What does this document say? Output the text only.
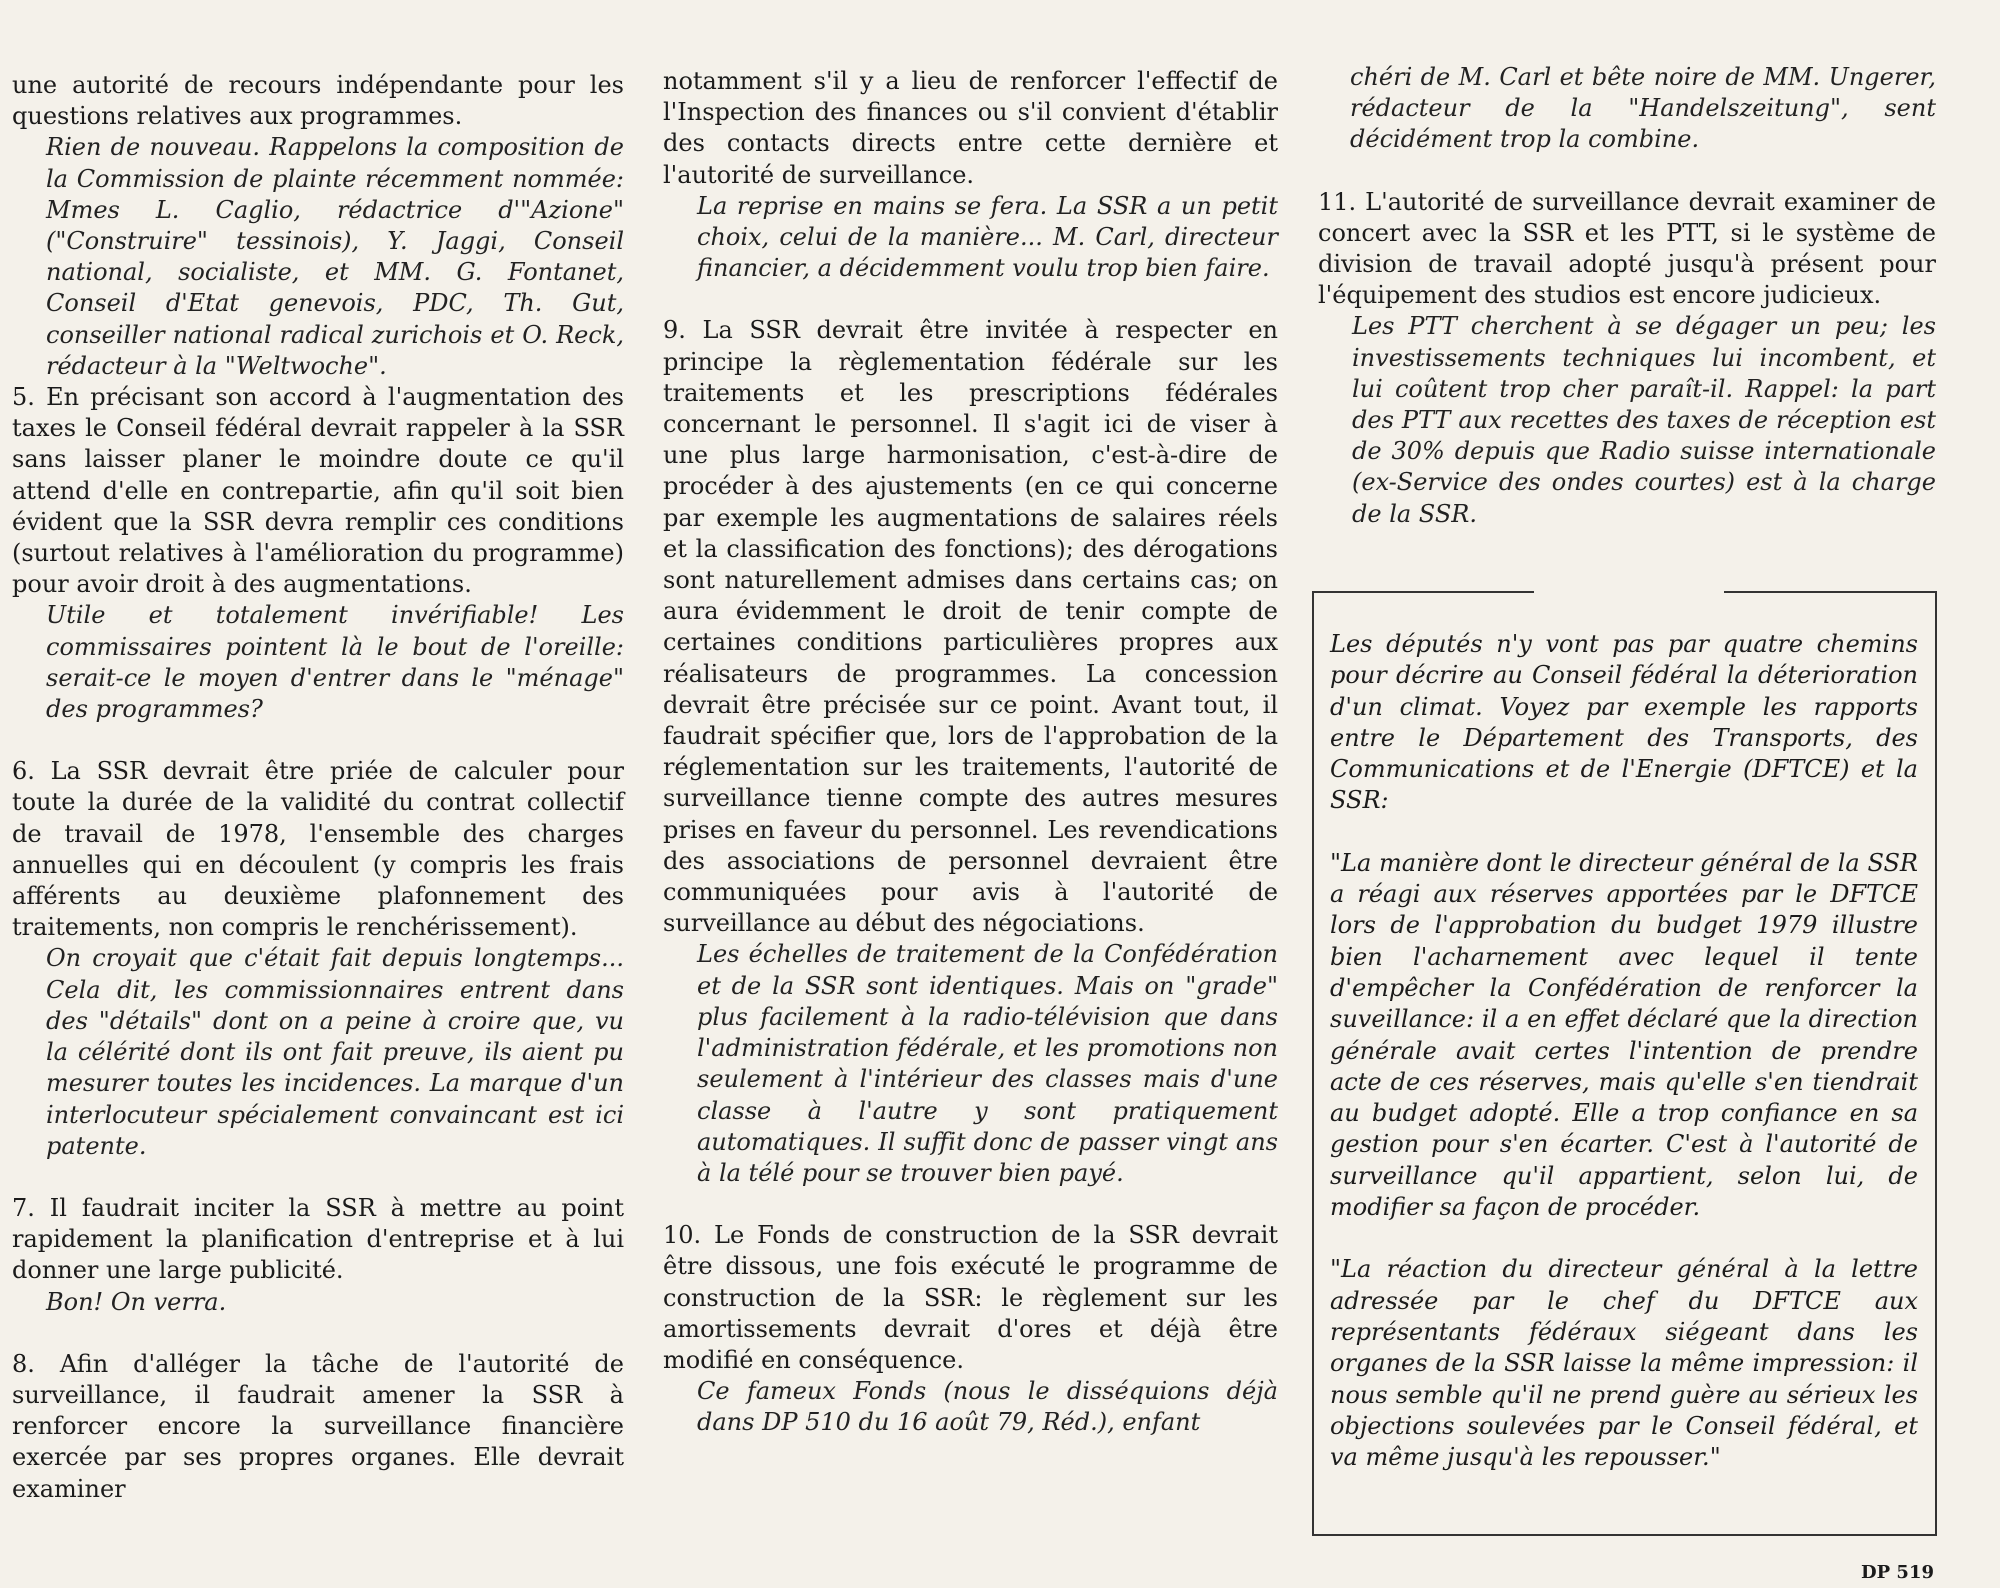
une autorité de recours indépendante pour les questions relatives aux programmes.

Rien de nouveau. Rappelons la composition de la Commission de plainte récemment nommée: Mmes L. Caglio, rédactrice d'"Azione" ("Construire" tessinois), Y. Jaggi, Conseil national, socialiste, et MM. G. Fontanet, Conseil d'Etat genevois, PDC, Th. Gut, conseiller national radical zurichois et O. Reck, rédacteur à la "Weltwoche".

5. En précisant son accord à l'augmentation des taxes le Conseil fédéral devrait rappeler à la SSR sans laisser planer le moindre doute ce qu'il attend d'elle en contrepartie, afin qu'il soit bien évident que la SSR devra remplir ces conditions (surtout relatives à l'amélioration du programme) pour avoir droit à des augmentations.

Utile et totalement invérifiable! Les commissaires pointent là le bout de l'oreille: serait-ce le moyen d'entrer dans le "ménage" des programmes?

6. La SSR devrait être priée de calculer pour toute la durée de la validité du contrat collectif de travail de 1978, l'ensemble des charges annuelles qui en découlent (y compris les frais afférents au deuxième plafonnement des traitements, non compris le renchérissement).

On croyait que c'était fait depuis longtemps... Cela dit, les commissionnaires entrent dans des "détails" dont on a peine à croire que, vu la célérité dont ils ont fait preuve, ils aient pu mesurer toutes les incidences. La marque d'un interlocuteur spécialement convaincant est ici patente.

7. Il faudrait inciter la SSR à mettre au point rapidement la planification d'entreprise et à lui donner une large publicité.

Bon! On verra.

8. Afin d'alléger la tâche de l'autorité de surveillance, il faudrait amener la SSR à renforcer encore la surveillance financière exercée par ses propres organes. Elle devrait examiner

notamment s'il y a lieu de renforcer l'effectif de l'Inspection des finances ou s'il convient d'établir des contacts directs entre cette dernière et l'autorité de surveillance.

La reprise en mains se fera. La SSR a un petit choix, celui de la manière... M. Carl, directeur financier, a décidemment voulu trop bien faire.

9. La SSR devrait être invitée à respecter en principe la règlementation fédérale sur les traitements et les prescriptions fédérales concernant le personnel. Il s'agit ici de viser à une plus large harmonisation, c'est-à-dire de procéder à des ajustements (en ce qui concerne par exemple les augmentations de salaires réels et la classification des fonctions); des dérogations sont naturellement admises dans certains cas; on aura évidemment le droit de tenir compte de certaines conditions particulières propres aux réalisateurs de programmes. La concession devrait être précisée sur ce point. Avant tout, il faudrait spécifier que, lors de l'approbation de la réglementation sur les traitements, l'autorité de surveillance tienne compte des autres mesures prises en faveur du personnel. Les revendications des associations de personnel devraient être communiquées pour avis à l'autorité de surveillance au début des négociations.

Les échelles de traitement de la Confédération et de la SSR sont identiques. Mais on "grade" plus facilement à la radio-télévision que dans l'administration fédérale, et les promotions non seulement à l'intérieur des classes mais d'une classe à l'autre y sont pratiquement automatiques. Il suffit donc de passer vingt ans à la télé pour se trouver bien payé.

10. Le Fonds de construction de la SSR devrait être dissous, une fois exécuté le programme de construction de la SSR: le règlement sur les amortissements devrait d'ores et déjà être modifié en conséquence.

Ce fameux Fonds (nous le disséquions déjà dans DP 510 du 16 août 79, Réd.), enfant

chéri de M. Carl et bête noire de MM. Ungerer, rédacteur de la "Handelszeitung", sent décidément trop la combine.

11. L'autorité de surveillance devrait examiner de concert avec la SSR et les PTT, si le système de division de travail adopté jusqu'à présent pour l'équipement des studios est encore judicieux.

Les PTT cherchent à se dégager un peu; les investissements techniques lui incombent, et lui coûtent trop cher paraît-il. Rappel: la part des PTT aux recettes des taxes de réception est de 30% depuis que Radio suisse internationale (ex-Service des ondes courtes) est à la charge de la SSR.

Les députés n'y vont pas par quatre chemins pour décrire au Conseil fédéral la déterioration d'un climat. Voyez par exemple les rapports entre le Département des Transports, des Communications et de l'Energie (DFTCE) et la SSR:

"La manière dont le directeur général de la SSR a réagi aux réserves apportées par le DFTCE lors de l'approbation du budget 1979 illustre bien l'acharnement avec lequel il tente d'empêcher la Confédération de renforcer la suveillance: il a en effet déclaré que la direction générale avait certes l'intention de prendre acte de ces réserves, mais qu'elle s'en tiendrait au budget adopté. Elle a trop confiance en sa gestion pour s'en écarter. C'est à l'autorité de surveillance qu'il appartient, selon lui, de modifier sa façon de procéder.

"La réaction du directeur général à la lettre adressée par le chef du DFTCE aux représentants fédéraux siégeant dans les organes de la SSR laisse la même impression: il nous semble qu'il ne prend guère au sérieux les objections soulevées par le Conseil fédéral, et va même jusqu'à les repousser."

DP 519
